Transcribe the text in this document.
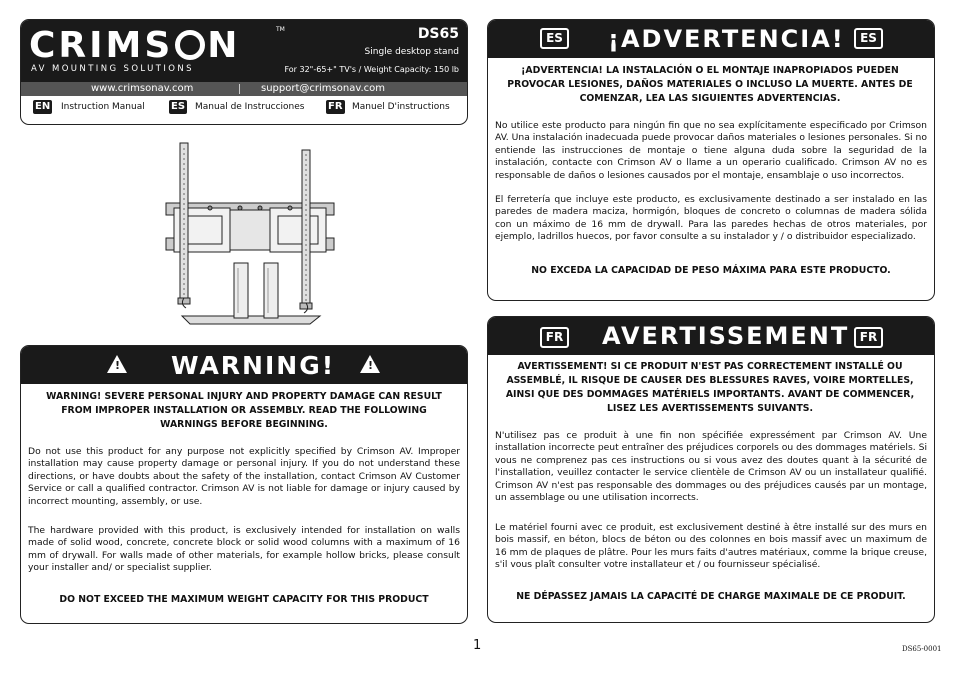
CRIMS N
AV MOUNTING SOLUTIONS
TM	DS65
Single desktop stand
For 32"-65+" TV's / Weight Capacity: 150 lb
www.crimsonav.com	support@crimsonav.com
EN Instruction Manual	ES Manual de Instrucciones FR Manuel D'instructions
! WARNING!	!
WARNING! SEVERE PERSONAL INJURY AND PROPERTY DAMAGE CAN RESULT FROM IMPROPER INSTALLATION OR ASSEMBLY. READ THE FOLLOWING WARNINGS BEFORE BEGINNING.
Do not use this product for any purpose not explicitly specified by Crimson AV. Improper installation may cause property damage or personal injury. If you do not understand these directions, or have doubts about the safety of the installation, contact Crimson AV Customer Service or call a qualified contractor. Crimson AV is not liable for damage or injury caused by incorrect mounting, assembly, or use.
The hardware provided with this product, is exclusively intended for installation on walls made of solid wood, concrete, concrete block or solid wood columns with a maximum of 16 mm of drywall. For walls made of other materials, for example hollow bricks, please consult your installer and/ or specialist supplier.
DO NOT EXCEED THE MAXIMUM WEIGHT CAPACITY FOR THIS PRODUCT
ES ¡ADVERTENCIA!	ES
¡ADVERTENCIA! LA INSTALACIÓN O EL MONTAJE INAPROPIADOS PUEDEN PROVOCAR LESIONES, DAÑOS MATERIALES O INCLUSO LA MUERTE. ANTES DE COMENZAR, LEA LAS SIGUIENTES ADVERTENCIAS.
No utilice este producto para ningún fin que no sea explícitamente especificado por Crimson AV. Una instalación inadecuada puede provocar daños materiales o lesiones personales. Si no entiende las instrucciones de montaje o tiene alguna duda sobre la seguridad de la instalación, contacte con Crimson AV o llame a un operario cualificado. Crimson AV no es responsable de daños o lesiones causados por el montaje, ensamblaje o uso incorrectos.
El ferretería que incluye este producto, es exclusivamente destinado a ser instalado en las paredes de madera maciza, hormigón, bloques de concreto o columnas de madera sólida con un máximo de 16 mm de drywall. Para las paredes hechas de otros materiales, por ejemplo, ladrillos huecos, por favor consulte a su instalador y / o distribuidor especializado.
NO EXCEDA LA CAPACIDAD DE PESO MÁXIMA PARA ESTE PRODUCTO.
FR AVERTISSEMENT FR
AVERTISSEMENT! SI CE PRODUIT N'EST PAS CORRECTEMENT INSTALLÉ OU ASSEMBLÉ, IL RISQUE DE CAUSER DES BLESSURES RAVES, VOIRE MORTELLES, AINSI QUE DES DOMMAGES MATÉRIELS IMPORTANTS. AVANT DE COMMENCER, LISEZ LES AVERTISSEMENTS SUIVANTS.
N'utilisez pas ce produit à une fin non spécifiée expressément par Crimson AV. Une installation incorrecte peut entraîner des préjudices corporels ou des dommages matériels. Si vous ne comprenez pas ces instructions ou si vous avez des doutes quant à la sécurité de l'installation, veuillez contacter le service clientèle de Crimson AV ou un installateur qualifié. Crimson AV n'est pas responsable des dommages ou des préjudices causés par un montage, un assemblage ou une utilisation incorrects.
Le matériel fourni avec ce produit, est exclusivement destiné à être installé sur des murs en bois massif, en béton, blocs de béton ou des colonnes en bois massif avec un maximum de 16 mm de plaques de plâtre. Pour les murs faits d'autres matériaux, comme la brique creuse, s'il vous plaît consulter votre installateur et / ou fournisseur spécialisé.
NE DÉPASSEZ JAMAIS LA CAPACITÉ DE CHARGE MAXIMALE DE CE PRODUIT.
1	DS65-0001
